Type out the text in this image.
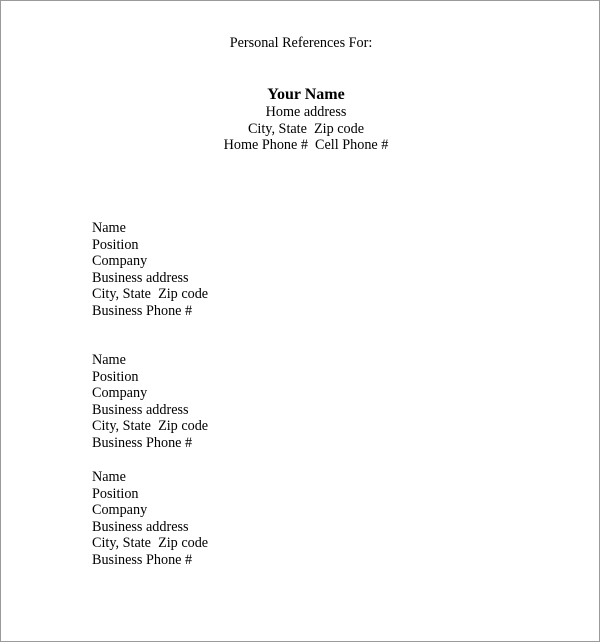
Personal References For:
Your Name
Home address
City, State  Zip code
Home Phone #  Cell Phone #
Name
Position
Company
Business address
City, State  Zip code
Business Phone #
Name
Position
Company
Business address
City, State  Zip code
Business Phone #
Name
Position
Company
Business address
City, State  Zip code
Business Phone #
